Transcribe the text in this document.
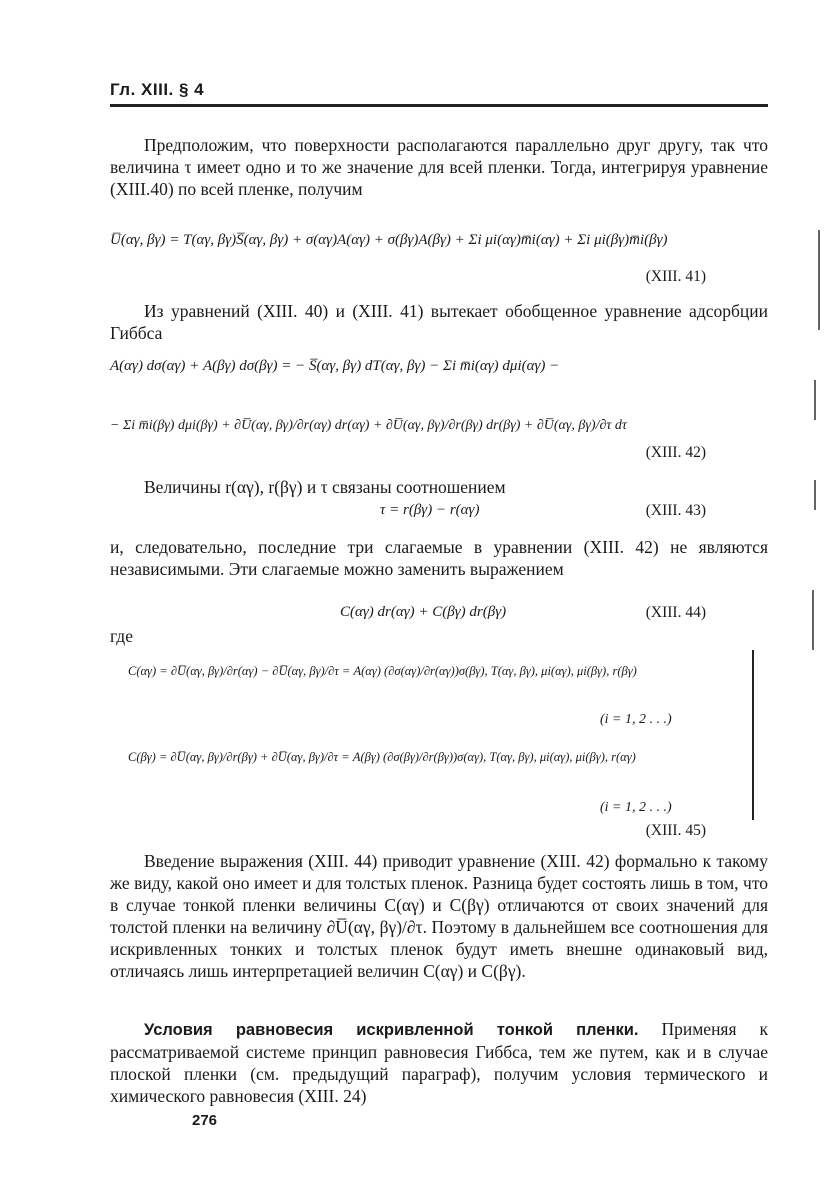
Гл. XIII. § 4

Предположим, что поверхности располагаются параллельно друг другу, так что величина τ имеет одно и то же значение для всей пленки. Тогда, интегрируя уравнение (XIII.40) по всей пленке, получим

U̅(αγ, βγ) = T(αγ, βγ)S̅(αγ, βγ) + σ(αγ)A(αγ) + σ(βγ)A(βγ) + Σi μi(αγ)m̅i(αγ) + Σi μi(βγ)m̅i(βγ)
(XIII. 41)

Из уравнений (XIII. 40) и (XIII. 41) вытекает обобщенное уравнение адсорбции Гиббса

A(αγ) dσ(αγ) + A(βγ) dσ(βγ) = − S̅(αγ, βγ) dT(αγ, βγ) − Σi m̅i(αγ) dμi(αγ) −
− Σi m̅i(βγ) dμi(βγ) + ∂U̅(αγ, βγ)/∂r(αγ) dr(αγ) + ∂U̅(αγ, βγ)/∂r(βγ) dr(βγ) + ∂U̅(αγ, βγ)/∂τ dτ
(XIII. 42)

Величины r(αγ), r(βγ) и τ связаны соотношением

τ = r(βγ) − r(αγ)	(XIII. 43)

и, следовательно, последние три слагаемые в уравнении (XIII. 42) не являются независимыми. Эти слагаемые можно заменить выражением

C(αγ) dr(αγ) + C(βγ) dr(βγ)	(XIII. 44)
где
C(αγ) = ∂U̅(αγ, βγ)/∂r(αγ) − ∂U̅(αγ, βγ)/∂τ = A(αγ) (∂σ(αγ)/∂r(αγ))σ(βγ), T(αγ, βγ), μi(αγ), μi(βγ), r(βγ)
(i = 1, 2 . . .)
C(βγ) = ∂U̅(αγ, βγ)/∂r(βγ) + ∂U̅(αγ, βγ)/∂τ = A(βγ) (∂σ(βγ)/∂r(βγ))σ(αγ), T(αγ, βγ), μi(αγ), μi(βγ), r(αγ)
(i = 1, 2 . . .)
(XIII. 45)

Введение выражения (XIII. 44) приводит уравнение (XIII. 42) формально к такому же виду, какой оно имеет и для толстых пленок. Разница будет состоять лишь в том, что в случае тонкой пленки величины C(αγ) и C(βγ) отличаются от своих значений для толстой пленки на величину ∂U̅(αγ, βγ)/∂τ. Поэтому в дальнейшем все соотношения для искривленных тонких и толстых пленок будут иметь внешне одинаковый вид, отличаясь лишь интерпретацией величин C(αγ) и C(βγ).

Условия равновесия искривленной тонкой пленки. Применяя к рассматриваемой системе принцип равновесия Гиббса, тем же путем, как и в случае плоской пленки (см. предыдущий параграф), получим условия термического и химического равновесия (XIII. 24)

276
